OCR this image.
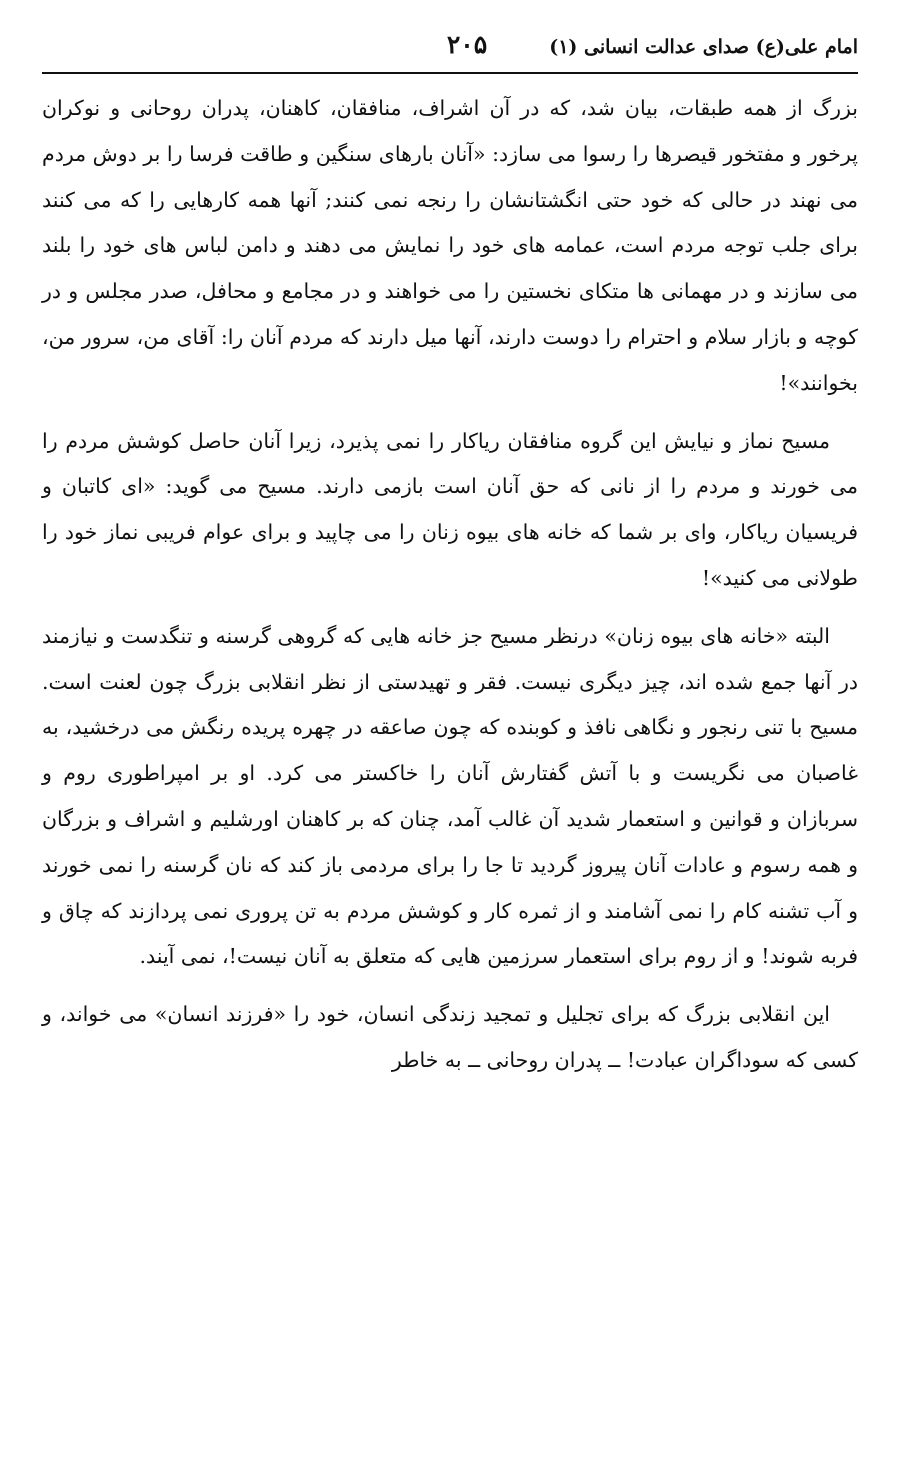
امام علی(ع) صدای عدالت انسانی (۱)
۲۰۵

بزرگ از همه طبقات، بیان شد، که در آن اشراف، منافقان، کاهنان، پدران روحانی و نوکران پرخور و مفتخور قیصرها را رسوا می سازد: «آنان بارهای سنگین و طاقت فرسا را بر دوش مردم می نهند در حالی که خود حتی انگشتانشان را رنجه نمی کنند; آنها همه کارهایی را که می کنند برای جلب توجه مردم است، عمامه های خود را نمایش می دهند و دامن لباس های خود را بلند می سازند و در مهمانی ها متکای نخستین را می خواهند و در مجامع و محافل، صدر مجلس و در کوچه و بازار سلام و احترام را دوست دارند، آنها میل دارند که مردم آنان را: آقای من، سرور من، بخوانند»!

مسیح نماز و نیایش این گروه منافقان ریاکار را نمی پذیرد، زیرا آنان حاصل کوشش مردم را می خورند و مردم را از نانی که حق آنان است بازمی دارند. مسیح می گوید: «ای کاتبان و فریسیان ریاکار، وای بر شما که خانه های بیوه زنان را می چاپید و برای عوام فریبی نماز خود را طولانی می کنید»!

البته «خانه های بیوه زنان» درنظر مسیح جز خانه هایی که گروهی گرسنه و تنگدست و نیازمند در آنها جمع شده اند، چیز دیگری نیست. فقر و تهیدستی از نظر انقلابی بزرگ چون لعنت است. مسیح با تنی رنجور و نگاهی نافذ و کوبنده که چون صاعقه در چهره پریده رنگش می درخشید، به غاصبان می نگریست و با آتش گفتارش آنان را خاکستر می کرد. او بر امپراطوری روم و سربازان و قوانین و استعمار شدید آن غالب آمد، چنان که بر کاهنان اورشلیم و اشراف و بزرگان و همه رسوم و عادات آنان پیروز گردید تا جا را برای مردمی باز کند که نان گرسنه را نمی خورند و آب تشنه کام را نمی آشامند و از ثمره کار و کوشش مردم به تن پروری نمی پردازند که چاق و فربه شوند! و از روم برای استعمار سرزمین هایی که متعلق به آنان نیست!، نمی آیند.

این انقلابی بزرگ که برای تجلیل و تمجید زندگی انسان، خود را «فرزند انسان» می خواند، و کسی که سوداگران عبادت! ــ پدران روحانی ــ به خاطر
